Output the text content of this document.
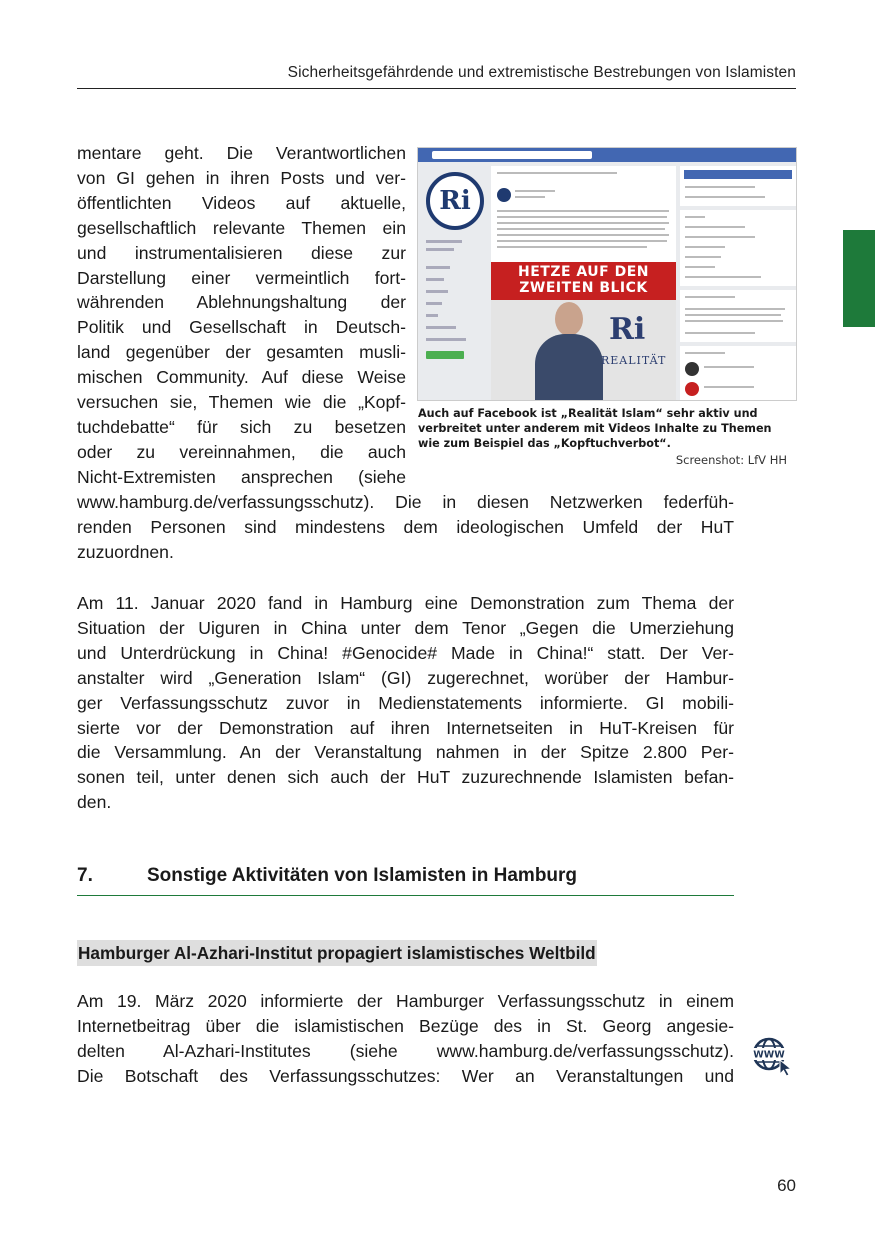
Sicherheitsgefährdende und extremistische Bestrebungen von Islamisten
mentare geht. Die Verantwortlichen
von GI gehen in ihren Posts und ver-
öffentlichten Videos auf aktuelle,
gesellschaftlich relevante Themen ein
und instrumentalisieren diese zur
Darstellung einer vermeintlich fort-
währenden Ablehnungshaltung der
Politik und Gesellschaft in Deutsch-
land gegenüber der gesamten musli-
mischen Community. Auf diese Weise
versuchen sie, Themen wie die „Kopf-
tuchdebatte“ für sich zu besetzen
oder zu vereinnahmen, die auch
Nicht-Extremisten ansprechen (siehe
www.hamburg.de/verfassungsschutz). Die in diesen Netzwerken federfüh-
renden Personen sind mindestens dem ideologischen Umfeld der HuT
zuzuordnen.
Ri
HETZE AUF DEN
ZWEITEN BLICK
Ri
REALITÄT
Auch auf Facebook ist „Realität Islam“ sehr aktiv und verbreitet unter anderem mit Videos Inhalte zu Themen wie zum Beispiel das „Kopftuchverbot“.
Screenshot: LfV HH
Am 11. Januar 2020 fand in Hamburg eine Demonstration zum Thema der
Situation der Uiguren in China unter dem Tenor „Gegen die Umerziehung
und Unterdrückung in China! #Genocide# Made in China!“ statt. Der Ver-
anstalter wird „Generation Islam“ (GI) zugerechnet, worüber der Hambur-
ger Verfassungsschutz zuvor in Medienstatements informierte. GI mobili-
sierte vor der Demonstration auf ihren Internetseiten in HuT-Kreisen für
die Versammlung. An der Veranstaltung nahmen in der Spitze 2.800 Per-
sonen teil, unter denen sich auch der HuT zuzurechnende Islamisten befan-
den.
7.	Sonstige Aktivitäten von Islamisten in Hamburg
Hamburger Al-Azhari-Institut propagiert islamistisches Weltbild
Am 19. März 2020 informierte der Hamburger Verfassungsschutz in einem
Internetbeitrag über die islamistischen Bezüge des in St. Georg angesie-
delten Al-Azhari-Institutes (siehe www.hamburg.de/verfassungsschutz).
Die Botschaft des Verfassungsschutzes: Wer an Veranstaltungen und
WWW
60
